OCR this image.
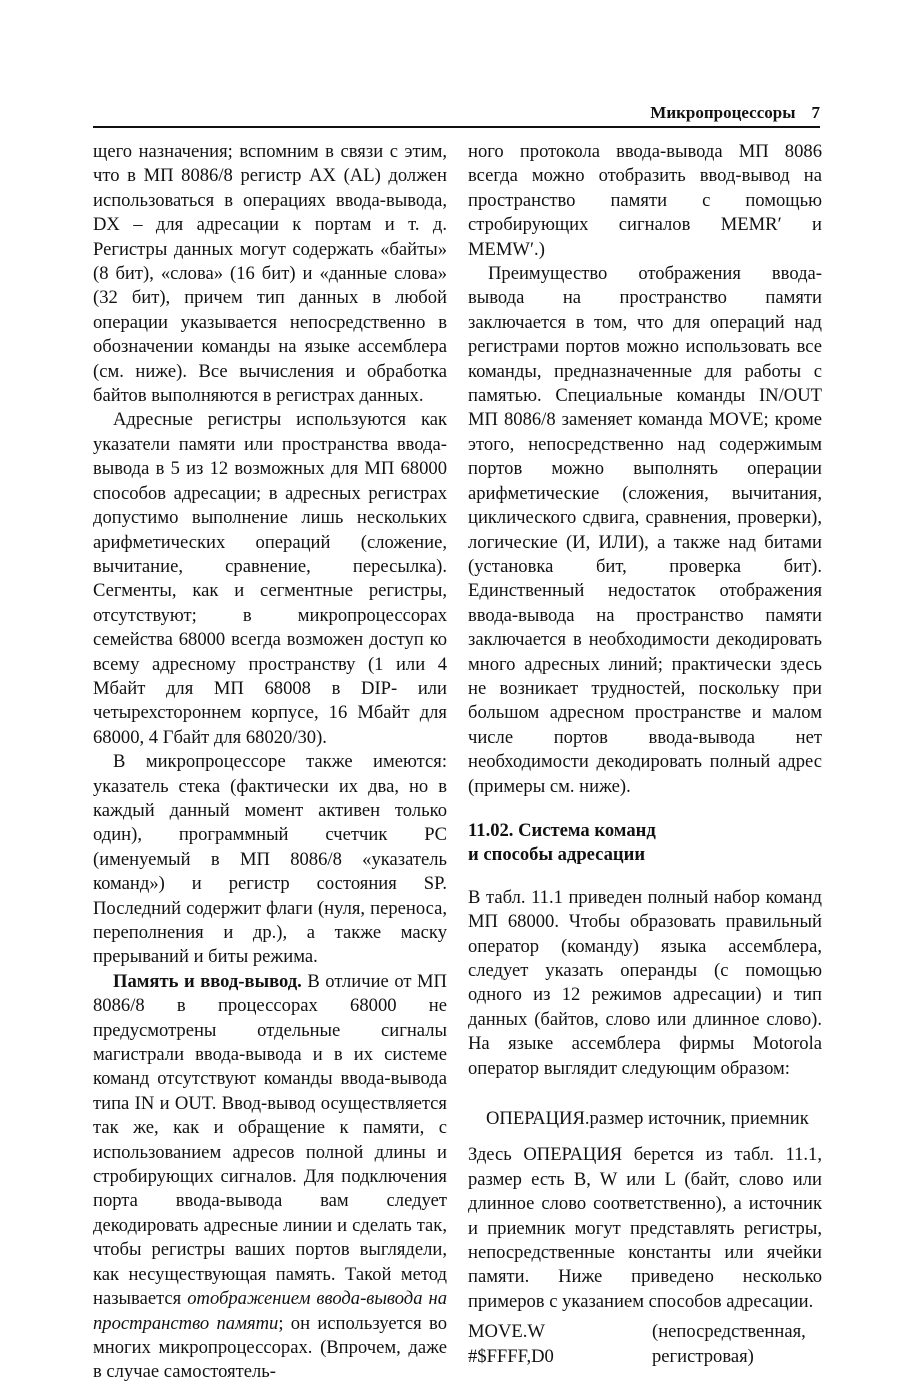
Микропроцессоры 7

щего назначения; вспомним в связи с этим, что в МП 8086/8 регистр AX (AL) должен использоваться в операциях ввода-вывода, DX – для адресации к портам и т. д. Регистры данных могут содержать «байты» (8 бит), «слова» (16 бит) и «данные слова» (32 бит), причем тип данных в любой операции указывается непосредственно в обозначении команды на языке ассемблера (см. ниже). Все вычисления и обработка байтов выполняются в регистрах данных.

Адресные регистры используются как указатели памяти или пространства ввода-вывода в 5 из 12 возможных для МП 68000 способов адресации; в адресных регистрах допустимо выполнение лишь нескольких арифметических операций (сложение, вычитание, сравнение, пересылка). Сегменты, как и сегментные регистры, отсутствуют; в микропроцессорах семейства 68000 всегда возможен доступ ко всему адресному пространству (1 или 4 Мбайт для МП 68008 в DIP- или четырехстороннем корпусе, 16 Мбайт для 68000, 4 Гбайт для 68020/30).

В микропроцессоре также имеются: указатель стека (фактически их два, но в каждый данный момент активен только один), программный счетчик PC (именуемый в МП 8086/8 «указатель команд») и регистр состояния SP. Последний содержит флаги (нуля, переноса, переполнения и др.), а также маску прерываний и биты режима.

Память и ввод-вывод. В отличие от МП 8086/8 в процессорах 68000 не предусмотрены отдельные сигналы магистрали ввода-вывода и в их системе команд отсутствуют команды ввода-вывода типа IN и OUT. Ввод-вывод осуществляется так же, как и обращение к памяти, с использованием адресов полной длины и стробирующих сигналов. Для подключения порта ввода-вывода вам следует декодировать адресные линии и сделать так, чтобы регистры ваших портов выглядели, как несуществующая память. Такой метод называется отображением ввода-вывода на пространство памяти; он используется во многих микропроцессорах. (Впрочем, даже в случае самостоятель-

ного протокола ввода-вывода МП 8086 всегда можно отобразить ввод-вывод на пространство памяти с помощью стробирующих сигналов MEMR′ и MEMW′.)

Преимущество отображения ввода-вывода на пространство памяти заключается в том, что для операций над регистрами портов можно использовать все команды, предназначенные для работы с памятью. Специальные команды IN/OUT МП 8086/8 заменяет команда MOVE; кроме этого, непосредственно над содержимым портов можно выполнять операции арифметические (сложения, вычитания, циклического сдвига, сравнения, проверки), логические (И, ИЛИ), а также над битами (установка бит, проверка бит). Единственный недостаток отображения ввода-вывода на пространство памяти заключается в необходимости декодировать много адресных линий; практически здесь не возникает трудностей, поскольку при большом адресном пространстве и малом числе портов ввода-вывода нет необходимости декодировать полный адрес (примеры см. ниже).

11.02. Система команд
и способы адресации

В табл. 11.1 приведен полный набор команд МП 68000. Чтобы образовать правильный оператор (команду) языка ассемблера, следует указать операнды (с помощью одного из 12 режимов адресации) и тип данных (байтов, слово или длинное слово). На языке ассемблера фирмы Motorola оператор выглядит следующим образом:

ОПЕРАЦИЯ.размер источник, приемник

Здесь ОПЕРАЦИЯ берется из табл. 11.1, размер есть B, W или L (байт, слово или длинное слово соответственно), а источник и приемник могут представлять регистры, непосредственные константы или ячейки памяти. Ниже приведено несколько примеров с указанием способов адресации.

MOVE.W	(непосредственная,
#$FFFF,D0	регистровая)
